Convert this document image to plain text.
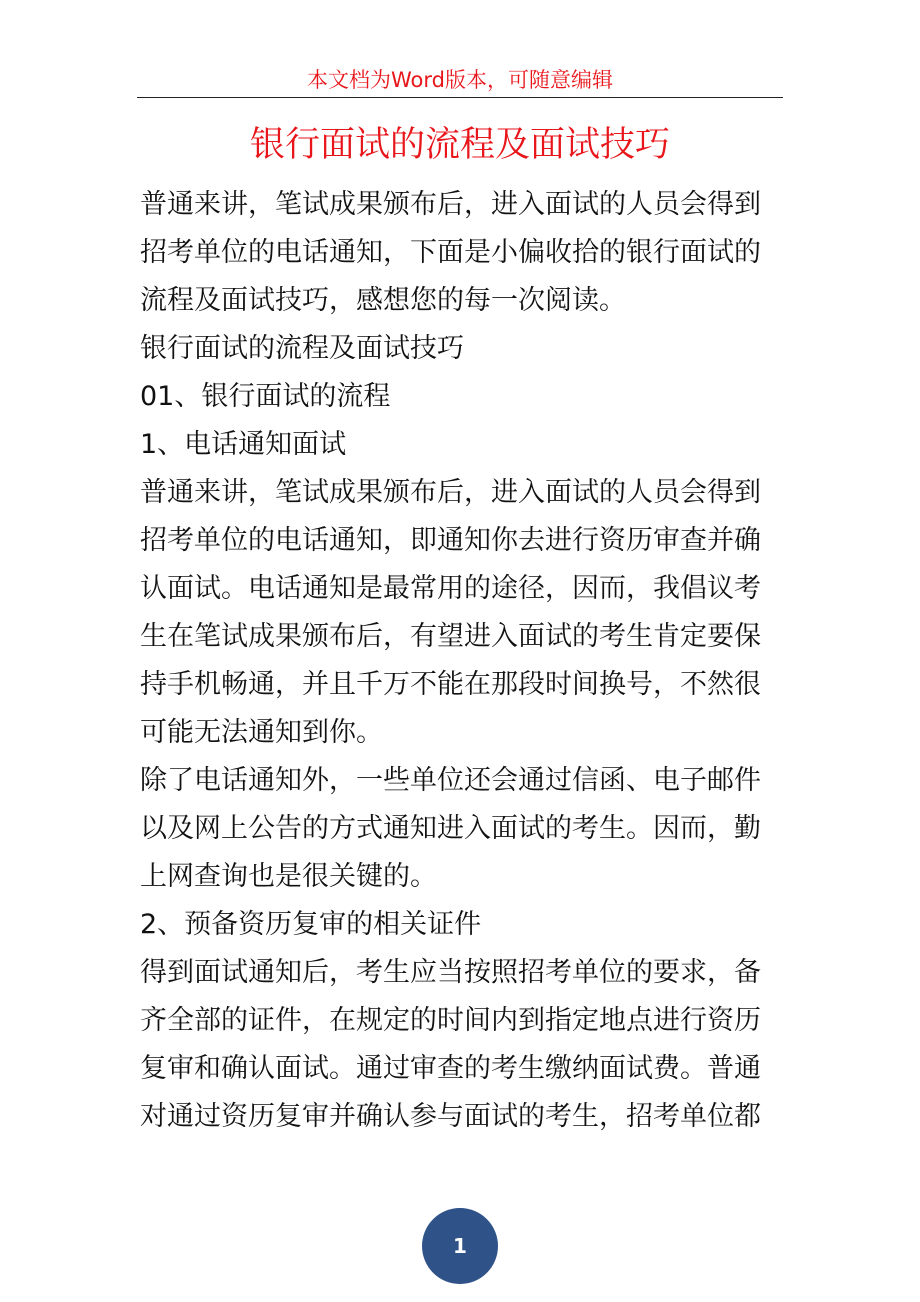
本文档为Word版本，可随意编辑
银行面试的流程及面试技巧
普通来讲，笔试成果颁布后，进入面试的人员会得到
招考单位的电话通知，下面是小偏收拾的银行面试的
流程及面试技巧，感想您的每一次阅读。
银行面试的流程及面试技巧
01、银行面试的流程
1、电话通知面试
普通来讲，笔试成果颁布后，进入面试的人员会得到
招考单位的电话通知，即通知你去进行资历审查并确
认面试。电话通知是最常用的途径，因而，我倡议考
生在笔试成果颁布后，有望进入面试的考生肯定要保
持手机畅通，并且千万不能在那段时间换号，不然很
可能无法通知到你。
除了电话通知外，一些单位还会通过信函、电子邮件
以及网上公告的方式通知进入面试的考生。因而，勤
上网查询也是很关键的。
2、预备资历复审的相关证件
得到面试通知后，考生应当按照招考单位的要求，备
齐全部的证件，在规定的时间内到指定地点进行资历
复审和确认面试。通过审查的考生缴纳面试费。普通
对通过资历复审并确认参与面试的考生，招考单位都
1
